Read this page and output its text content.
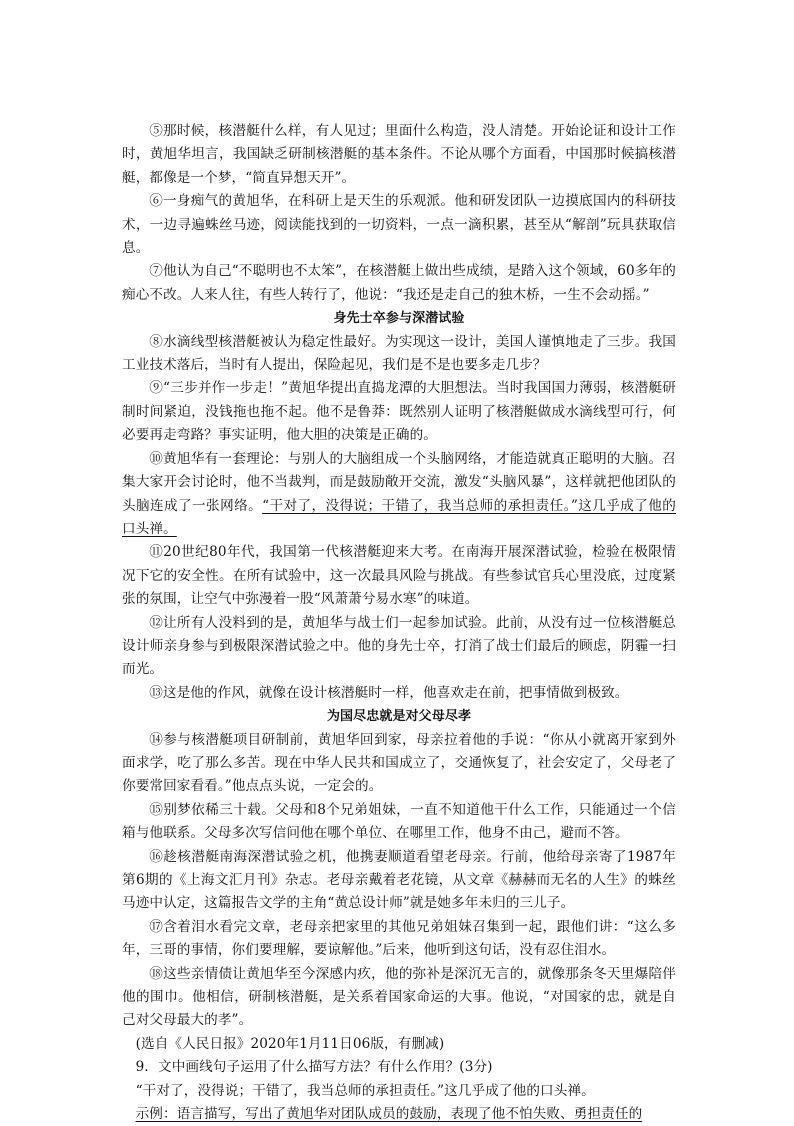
⑤那时候，核潜艇什么样，有人见过；里面什么构造，没人清楚。开始论证和设计工作时，黄旭华坦言，我国缺乏研制核潜艇的基本条件。不论从哪个方面看，中国那时候搞核潜艇，都像是一个梦，“简直异想天开”。

⑥一身痴气的黄旭华，在科研上是天生的乐观派。他和研发团队一边摸底国内的科研技术，一边寻遍蛛丝马迹，阅读能找到的一切资料，一点一滴积累，甚至从“解剖”玩具获取信息。

⑦他认为自己“不聪明也不太笨”，在核潜艇上做出些成绩，是踏入这个领域，60多年的痴心不改。人来人往，有些人转行了，他说：“我还是走自己的独木桥，一生不会动摇。”

身先士卒参与深潜试验

⑧水滴线型核潜艇被认为稳定性最好。为实现这一设计，美国人谨慎地走了三步。我国工业技术落后，当时有人提出，保险起见，我们是不是也要多走几步？

⑨“三步并作一步走！”黄旭华提出直捣龙潭的大胆想法。当时我国国力薄弱，核潜艇研制时间紧迫，没钱拖也拖不起。他不是鲁莽：既然别人证明了核潜艇做成水滴线型可行，何必要再走弯路？事实证明，他大胆的决策是正确的。

⑩黄旭华有一套理论：与别人的大脑组成一个头脑网络，才能造就真正聪明的大脑。召集大家开会讨论时，他不当裁判，而是鼓励敞开交流，激发“头脑风暴”，这样就把他团队的头脑连成了一张网络。“干对了，没得说；干错了，我当总师的承担责任。”这几乎成了他的口头禅。

⑪20世纪80年代，我国第一代核潜艇迎来大考。在南海开展深潜试验，检验在极限情况下它的安全性。在所有试验中，这一次最具风险与挑战。有些参试官兵心里没底，过度紧张的氛围，让空气中弥漫着一股“风萧萧兮易水寒”的味道。

⑫让所有人没料到的是，黄旭华与战士们一起参加试验。此前，从没有过一位核潜艇总设计师亲身参与到极限深潜试验之中。他的身先士卒，打消了战士们最后的顾虑，阴霾一扫而光。

⑬这是他的作风，就像在设计核潜艇时一样，他喜欢走在前，把事情做到极致。

为国尽忠就是对父母尽孝

⑭参与核潜艇项目研制前，黄旭华回到家，母亲拉着他的手说：“你从小就离开家到外面求学，吃了那么多苦。现在中华人民共和国成立了，交通恢复了，社会安定了，父母老了你要常回家看看。”他点点头说，一定会的。

⑮别梦依稀三十载。父母和8个兄弟姐妹，一直不知道他干什么工作，只能通过一个信箱与他联系。父母多次写信问他在哪个单位、在哪里工作，他身不由己，避而不答。

⑯趁核潜艇南海深潜试验之机，他携妻顺道看望老母亲。行前，他给母亲寄了1987年第6期的《上海文汇月刊》杂志。老母亲戴着老花镜，从文章《赫赫而无名的人生》的蛛丝马迹中认定，这篇报告文学的主角“黄总设计师”就是她多年未归的三儿子。

⑰含着泪水看完文章，老母亲把家里的其他兄弟姐妹召集到一起，跟他们讲：“这么多年，三哥的事情，你们要理解，要谅解他。”后来，他听到这句话，没有忍住泪水。

⑱这些亲情债让黄旭华至今深感内疚，他的弥补是深沉无言的，就像那条冬天里爆陪伴他的围巾。他相信，研制核潜艇，是关系着国家命运的大事。他说，“对国家的忠，就是自己对父母最大的孝”。

(选自《人民日报》2020年1月11日06版，有删减)

9．文中画线句子运用了什么描写方法？有什么作用？(3分)

“干对了，没得说；干错了，我当总师的承担责任。”这几乎成了他的口头禅。

示例：语言描写，写出了黄旭华对团队成员的鼓励，表现了他不怕失败、勇担责任的
